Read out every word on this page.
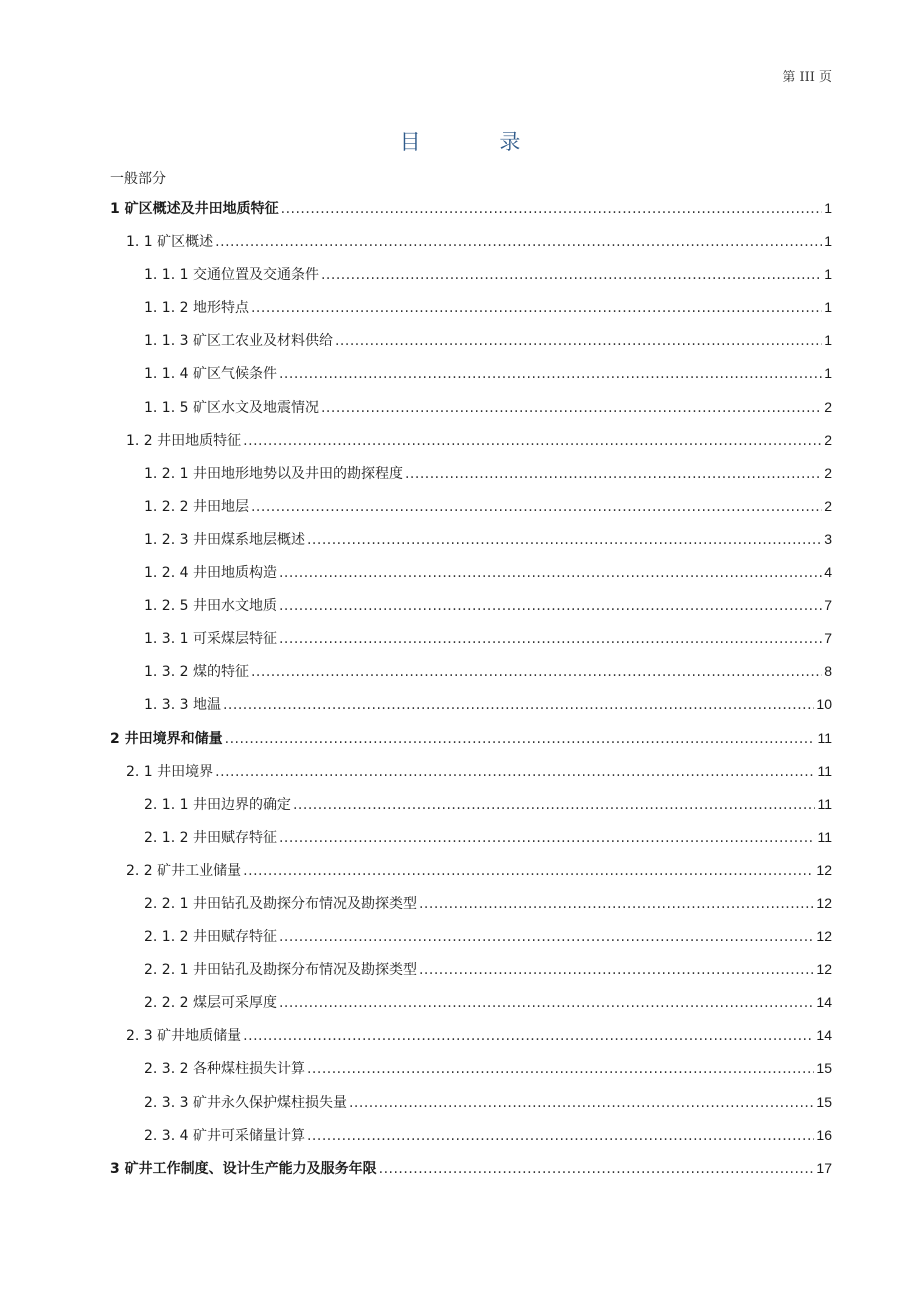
第 III 页
目 录
一般部分
1 矿区概述及井田地质特征 .....	1
1. 1 矿区概述 .....	1
1. 1. 1 交通位置及交通条件 .....	1
1. 1. 2 地形特点 .....	1
1. 1. 3 矿区工农业及材料供给 .....	1
1. 1. 4 矿区气候条件 .....	1
1. 1. 5 矿区水文及地震情况 .....	2
1. 2 井田地质特征 .....	2
1. 2. 1 井田地形地势以及井田的勘探程度 .....	2
1. 2. 2 井田地层 .....	2
1. 2. 3 井田煤系地层概述 .....	3
1. 2. 4 井田地质构造 .....	4
1. 2. 5 井田水文地质 .....	7
1. 3. 1 可采煤层特征 .....	7
1. 3. 2 煤的特征 .....	8
1. 3. 3 地温 .....	10
2 井田境界和储量 .....	11
2. 1 井田境界 .....	11
2. 1. 1 井田边界的确定 .....	11
2. 1. 2 井田赋存特征 .....	11
2. 2 矿井工业储量 .....	12
2. 2. 1 井田钻孔及勘探分布情况及勘探类型 .....	12
2. 1. 2 井田赋存特征 .....	12
2. 2. 1 井田钻孔及勘探分布情况及勘探类型 .....	12
2. 2. 2 煤层可采厚度 .....	14
2. 3 矿井地质储量 .....	14
2. 3. 2 各种煤柱损失计算 .....	15
2. 3. 3 矿井永久保护煤柱损失量 .....	15
2. 3. 4 矿井可采储量计算 .....	16
3 矿井工作制度、设计生产能力及服务年限 .....	17
